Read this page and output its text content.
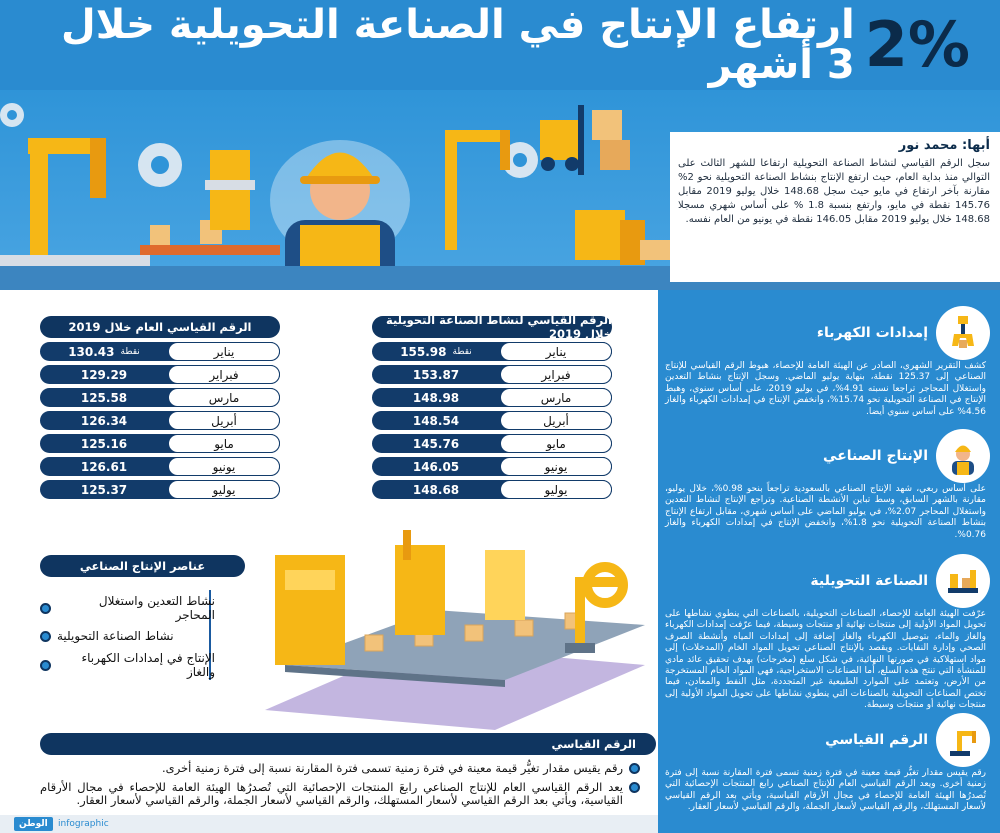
2%
ارتفاع الإنتاج في الصناعة التحويلية خلال 3 أشهر
أبها: محمد نور

سجل الرقم القياسي لنشاط الصناعة التحويلية ارتفاعا للشهر الثالث على التوالي منذ بداية العام، حيث ارتفع الإنتاج بنشاط الصناعة التحويلية نحو 2% مقارنة بآخر ارتفاع في مايو حيث سجل 148.68 خلال يوليو 2019 مقابل 145.76 نقطة في مايو، وارتفع بنسبة 1.8 % على أساس شهري مسجلا 148.68 خلال يوليو 2019 مقابل 146.05 نقطة في يونيو من العام نفسه.

إمدادات الكهرباء

كشف التقرير الشهري، الصادر عن الهيئة العامة للإحصاء، هبوط الرقم القياسي للإنتاج الصناعي إلى 125.37 نقطة، بنهاية يوليو الماضي. وسجل الإنتاج بنشاط التعدين واستغلال المحاجر تراجعا نسبته 4.91%، في يوليو 2019، على أساس سنوي، وهبط الإنتاج في الصناعة التحويلية نحو 15.74%، وانخفض الإنتاج في إمدادات الكهرباء والغاز 4.56% على أساس سنوي أيضا.

الإنتاج الصناعي

على أساس ربعي، شهد الإنتاج الصناعي بالسعودية تراجعاً بنحو 0.98%، خلال يوليو، مقارنة بالشهر السابق، وسط تباين الأنشطة الصناعية. وتراجع الإنتاج لنشاط التعدين واستغلال المحاجر 2.07%، في يوليو الماضي على أساس شهري، مقابل ارتفاع الإنتاج بنشاط الصناعة التحويلية نحو 1.8%، وانخفض الإنتاج في إمدادات الكهرباء والغاز 0.76%.

الصناعة التحويلية

عرّفت الهيئة العامة للإحصاء، الصناعات التحويلية، بالصناعات التي ينطوي نشاطها على تحويل المواد الأولية إلى منتجات نهائية أو منتجات وسيطة، فيما عرّفت إمدادات الكهرباء والغاز والماء، بتوصيل الكهرباء والغاز إضافة إلى إمدادات المياه وأنشطة الصرف الصحي وإدارة النفايات. ويقصد بالإنتاج الصناعي تحويل المواد الخام (المدخلات) إلى مواد استهلاكية في صورتها النهائية، في شكل سلع (مخرجات) بهدف تحقيق عائد مادي للمنشأة التي تنتج هذه السلع، أما الصناعات الاستخراجية، فهي المواد الخام المستخرجة من الأرض، وتعتمد على الموارد الطبيعية غير المتجددة، مثل النفط والمعادن، فيما تختص الصناعات التحويلية بالصناعات التي ينطوي نشاطها على تحويل المواد الأولية إلى منتجات نهائية أو منتجات وسيطة.

الرقم القياسي

رقم يقيس مقدار تغيُّر قيمة معينة في فترة زمنية تسمى فترة المقارنة نسبة إلى فترة زمنية أخرى. ويعد الرقم القياسي العام للإنتاج الصناعي رابع المنتجات الإحصائية التي تُصدرُها الهيئة العامة للإحصاء في مجال الأرقام القياسية، ويأتي بعد الرقم القياسي لأسعار المستهلك، والرقم القياسي لأسعار الجملة، والرقم القياسي لأسعار العقار.

الرقم القياسي لنشاط الصناعة التحويلية خلال 2019
يناير
155.98 نقطة
فبراير
153.87
مارس
148.98
أبريل
148.54
مايو
145.76
يونيو
146.05
يوليو
148.68
الرقم القياسي العام خلال 2019
يناير
130.43 نقطة
فبراير
129.29
مارس
125.58
أبريل
126.34
مايو
125.16
يونيو
126.61
يوليو
125.37
عناصر الإنتاج الصناعي
نشاط التعدين واستغلال المحاجر
نشاط الصناعة التحويلية
الإنتاج في إمدادات الكهرباء والغاز
الرقم القياسي
رقم يقيس مقدار تغيُّر قيمة معينة في فترة زمنية تسمى فترة المقارنة نسبة إلى فترة زمنية أخرى.
يعد الرقم القياسي العام للإنتاج الصناعي رابعَ المنتجات الإحصائية التي تُصدرُها الهيئة العامة للإحصاء في مجال الأرقام القياسية، ويأتي بعد الرقم القياسي لأسعار المستهلك، والرقم القياسي لأسعار الجملة، والرقم القياسي لأسعار العقار.
الوطن	infographic
